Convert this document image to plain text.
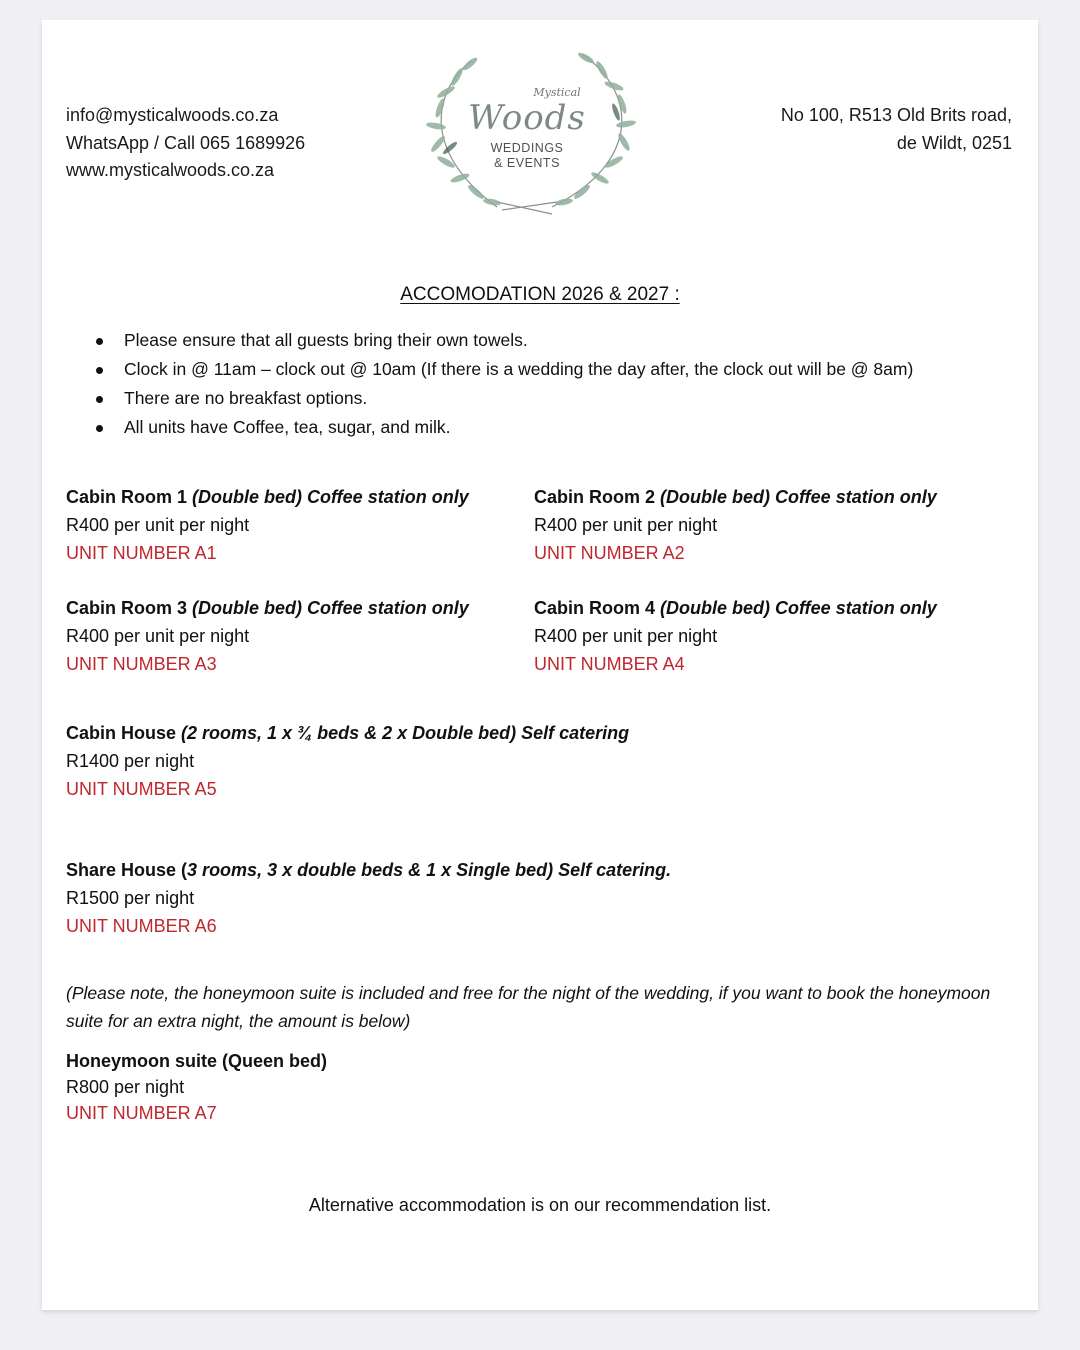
info@mysticalwoods.co.za
WhatsApp / Call 065 1689926
www.mysticalwoods.co.za
Mystical
Woods
WEDDINGS
& EVENTS
No 100, R513 Old Brits road,
de Wildt, 0251
ACCOMODATION 2026 & 2027 :
Please ensure that all guests bring their own towels.
Clock in @ 11am – clock out @ 10am (If there is a wedding the day after, the clock out will be @ 8am)
There are no breakfast options.
All units have Coffee, tea, sugar, and milk.
Cabin Room 1 (Double bed) Coffee station only
R400 per unit per night
UNIT NUMBER A1
Cabin Room 2 (Double bed) Coffee station only
R400 per unit per night
UNIT NUMBER A2
Cabin Room 3 (Double bed) Coffee station only
R400 per unit per night
UNIT NUMBER A3
Cabin Room 4 (Double bed) Coffee station only
R400 per unit per night
UNIT NUMBER A4
Cabin House (2 rooms, 1 x ¾ beds & 2 x Double bed) Self catering
R1400 per night
UNIT NUMBER A5
Share House (3 rooms, 3 x double beds & 1 x Single bed) Self catering.
R1500 per night
UNIT NUMBER A6
(Please note, the honeymoon suite is included and free for the night of the wedding, if you want to book the honeymoon suite for an extra night, the amount is below)
Honeymoon suite (Queen bed)
R800 per night
UNIT NUMBER A7
Alternative accommodation is on our recommendation list.
